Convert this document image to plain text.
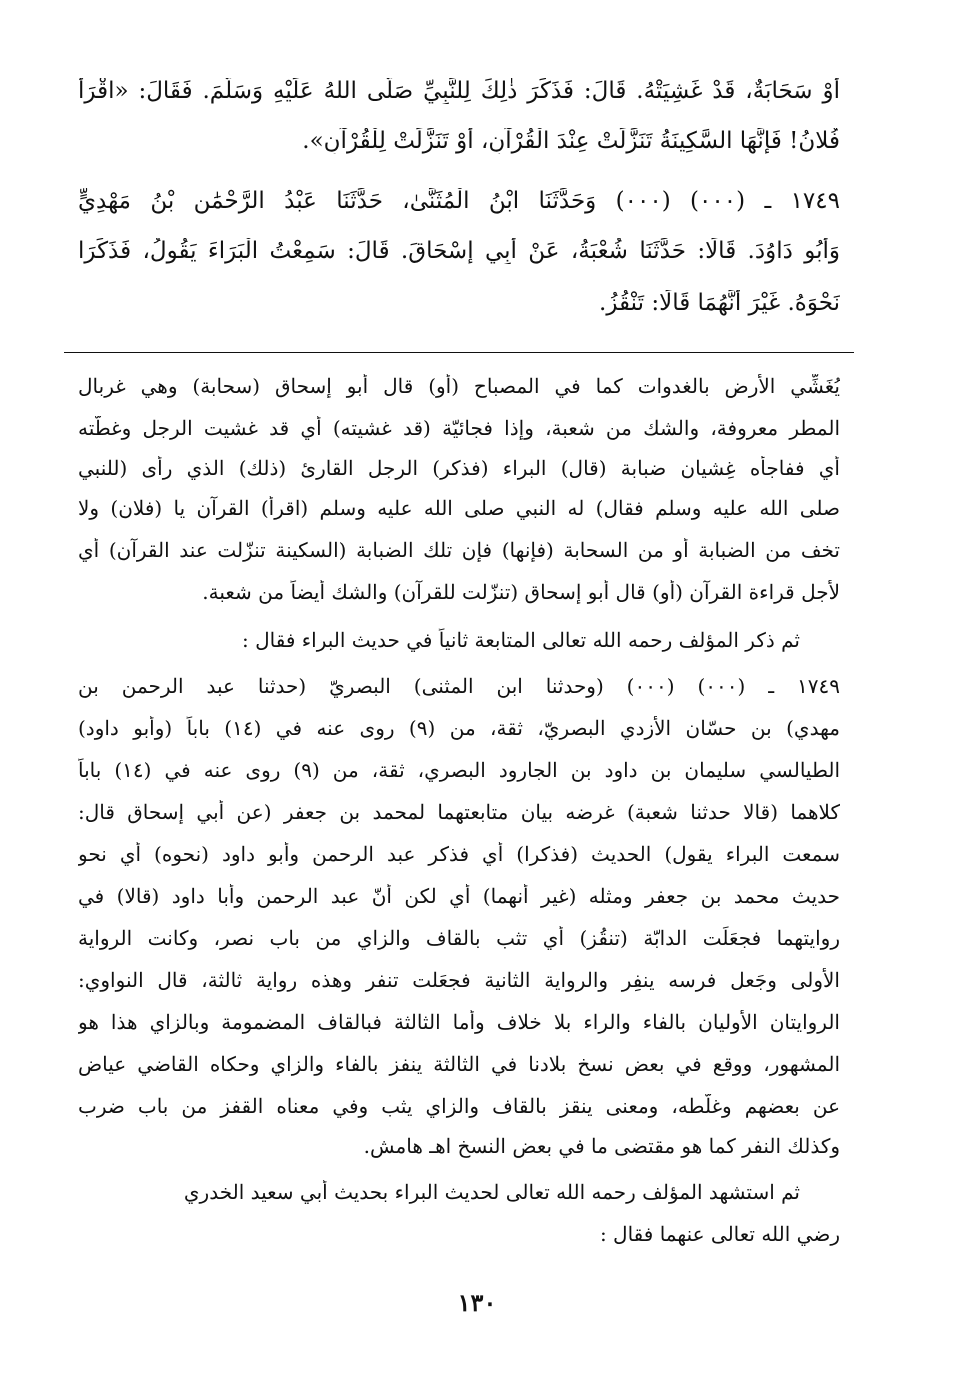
أَوْ سَحَابَةٌ، قَدْ غَشِيَتْهُ. قَالَ: فَذَكَرَ ذٰلِكَ لِلنَّبِيِّ صَلَّى اللهُ عَلَيْهِ وَسَلَّمَ. فَقَالَ: «اقْرَأْ
فُلانُ! فَإِنَّهَا السَّكِينَةُ تَنَزَّلَتْ عِنْدَ الْقُرْآنِ، أَوْ تَنَزَّلَتْ لِلْقُرْآنِ».
١٧٤٩ ـ (٠٠٠) (٠٠٠) وَحَدَّثَنَا ابْنُ الْمُثَنَّىٰ، حَدَّثَنَا عَبْدُ الرَّحْمَٰنِ بْنُ مَهْدِيٍّ
وَأَبُو دَاوُدَ. قَالَا: حَدَّثَنَا شُعْبَةُ، عَنْ أَبِي إِسْحَاقَ. قَالَ: سَمِعْتُ الْبَرَاءَ يَقُولُ، فَذَكَرَا
نَحْوَهُ. غَيْرَ أَنَّهُمَا قَالَا: تَنْقُزُ.
يُغَشِّي الأرض بالغدوات كما في المصباح (أو) قال أبو إسحاق (سحابة) وهي غربال
المطر معروفة، والشك من شعبة، وإذا فجائيّة (قد غشيته) أي قد غشيت الرجل وغطّته
أي ففاجأه غِشيان ضبابة (قال) البراء (فذكر) الرجل القارئ (ذلك) الذي رأى (للنبي
صلى الله عليه وسلم فقال) له النبي صلى الله عليه وسلم (اقرأ) القرآن يا (فلان) ولا
تخف من الضبابة أو من السحابة (فإنها) فإن تلك الضبابة (السكينة تنزّلت عند القرآن) أي
لأجل قراءة القرآن (أو) قال أبو إسحاق (تنزّلت للقرآن) والشك أيضاً من شعبة.
ثم ذكر المؤلف رحمه الله تعالى المتابعة ثانياً في حديث البراء فقال :
١٧٤٩ ـ (٠٠٠) (٠٠٠) (وحدثنا ابن المثنى) البصريّ (حدثنا عبد الرحمن بن
مهدي) بن حسّان الأزدي البصريّ، ثقة، من (٩) روى عنه في (١٤) باباً (وأبو داود)
الطيالسي سليمان بن داود بن الجارود البصري، ثقة، من (٩) روى عنه في (١٤) باباً
كلاهما (قالا حدثنا شعبة) غرضه بيان متابعتهما لمحمد بن جعفر (عن أبي إسحاق قال:
سمعت البراء يقول) الحديث (فذكرا) أي فذكر عبد الرحمن وأبو داود (نحوه) أي نحو
حديث محمد بن جعفر ومثله (غير أنهما) أي لكن أنّ عبد الرحمن وأبا داود (قالا) في
روايتهما فجعَلَت الدابّة (تنقُز) أي تثب بالقاف والزاي من باب نصر، وكانت الرواية
الأولى وجَعل فرسه ينفِر والرواية الثانية فجعَلت تنفر وهذه رواية ثالثة، قال النواوي:
الروايتان الأوليان بالفاء والراء بلا خلاف وأما الثالثة فبالقاف المضمومة وبالزاي هذا هو
المشهور، ووقع في بعض نسخ بلادنا في الثالثة ينفز بالفاء والزاي وحكاه القاضي عياض
عن بعضهم وغلّطه، ومعنى ينقز بالقاف والزاي يثب وفي معناه القفز من باب ضرب
وكذلك النفر كما هو مقتضى ما في بعض النسخ اهـ هامش.
ثم استشهد المؤلف رحمه الله تعالى لحديث البراء بحديث أبي سعيد الخدري
رضي الله تعالى عنهما فقال :
١٣٠
